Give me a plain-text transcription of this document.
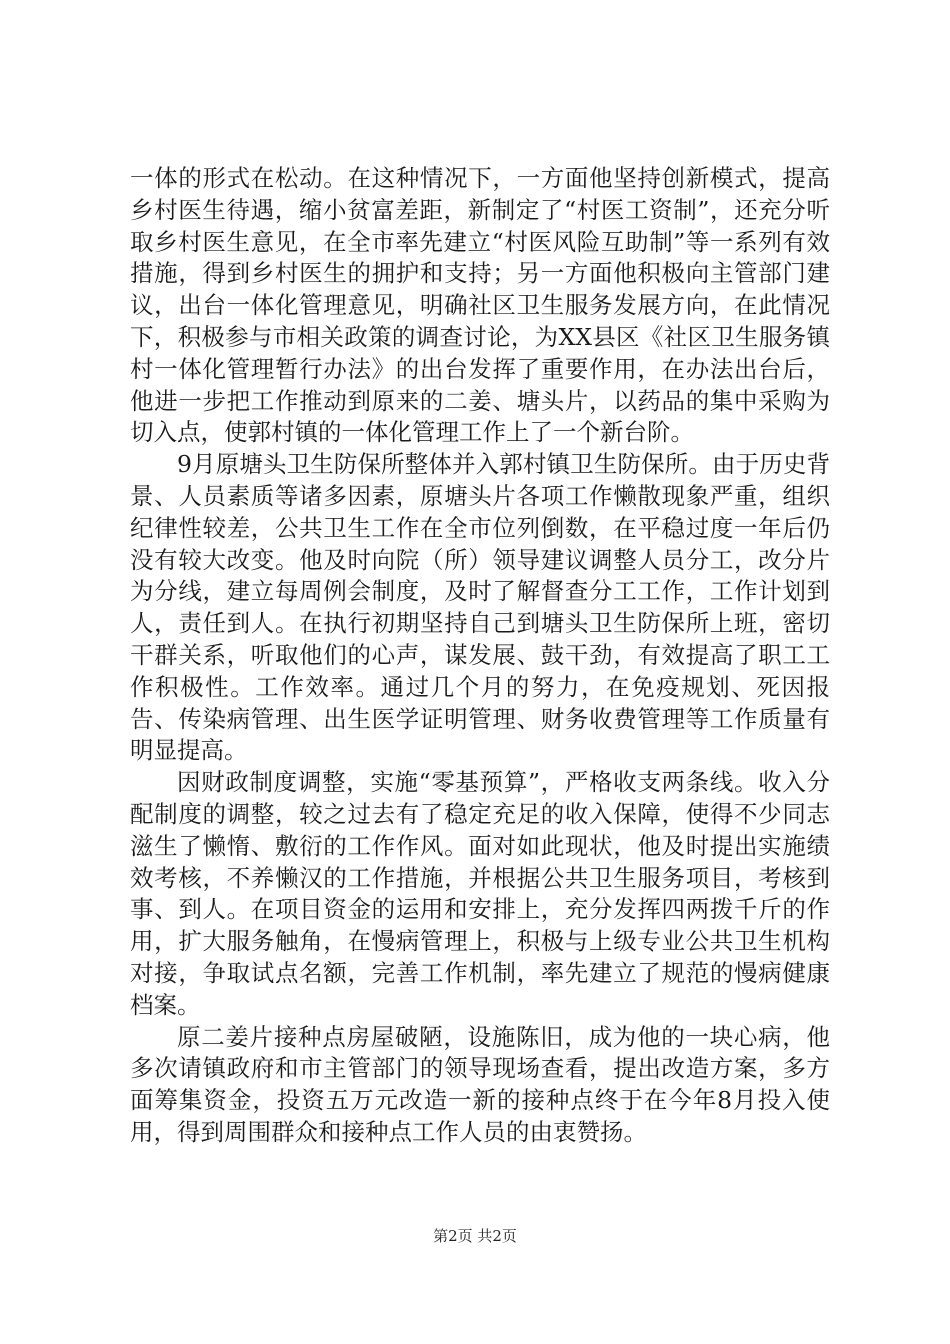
一体的形式在松动。在这种情况下，一方面他坚持创新模式，提高乡村医生待遇，缩小贫富差距，新制定了“村医工资制”，还充分听取乡村医生意见，在全市率先建立“村医风险互助制”等一系列有效措施，得到乡村医生的拥护和支持；另一方面他积极向主管部门建议，出台一体化管理意见，明确社区卫生服务发展方向，在此情况下，积极参与市相关政策的调查讨论，为XX县区《社区卫生服务镇村一体化管理暂行办法》的出台发挥了重要作用，在办法出台后，他进一步把工作推动到原来的二姜、塘头片，以药品的集中采购为切入点，使郭村镇的一体化管理工作上了一个新台阶。

9月原塘头卫生防保所整体并入郭村镇卫生防保所。由于历史背景、人员素质等诸多因素，原塘头片各项工作懒散现象严重，组织纪律性较差，公共卫生工作在全市位列倒数，在平稳过度一年后仍没有较大改变。他及时向院（所）领导建议调整人员分工，改分片为分线，建立每周例会制度，及时了解督查分工工作，工作计划到人，责任到人。在执行初期坚持自己到塘头卫生防保所上班，密切干群关系，听取他们的心声，谋发展、鼓干劲，有效提高了职工工作积极性。工作效率。通过几个月的努力，在免疫规划、死因报告、传染病管理、出生医学证明管理、财务收费管理等工作质量有明显提高。

因财政制度调整，实施“零基预算”，严格收支两条线。收入分配制度的调整，较之过去有了稳定充足的收入保障，使得不少同志滋生了懒惰、敷衍的工作作风。面对如此现状，他及时提出实施绩效考核，不养懒汉的工作措施，并根据公共卫生服务项目，考核到事、到人。在项目资金的运用和安排上，充分发挥四两拨千斤的作用，扩大服务触角，在慢病管理上，积极与上级专业公共卫生机构对接，争取试点名额，完善工作机制，率先建立了规范的慢病健康档案。

原二姜片接种点房屋破陋，设施陈旧，成为他的一块心病，他多次请镇政府和市主管部门的领导现场查看，提出改造方案，多方面筹集资金，投资五万元改造一新的接种点终于在今年8月投入使用，得到周围群众和接种点工作人员的由衷赞扬。

第2页 共2页
